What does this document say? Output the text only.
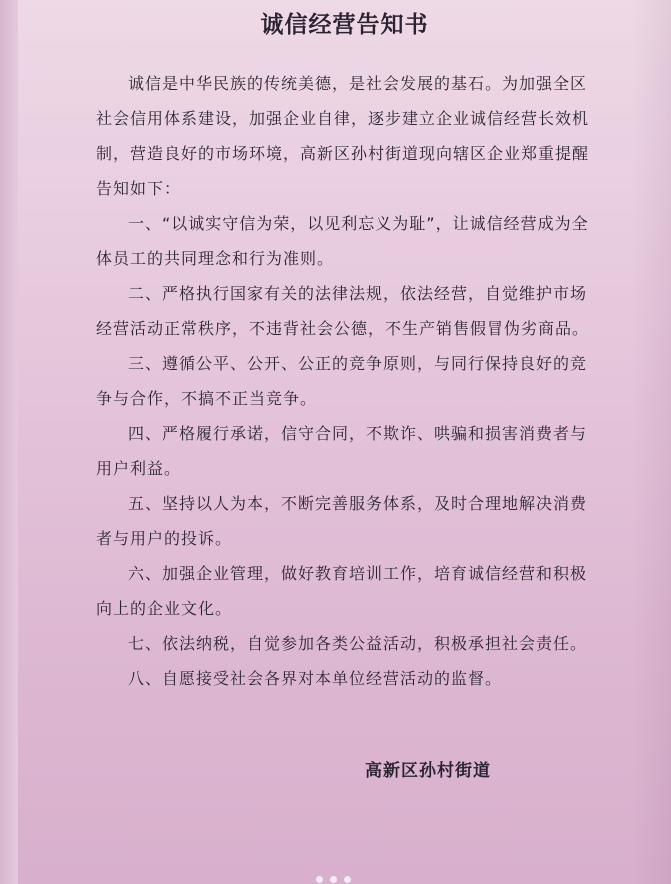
诚信经营告知书

诚信是中华民族的传统美德，是社会发展的基石。为加强全区社会信用体系建设，加强企业自律，逐步建立企业诚信经营长效机制，营造良好的市场环境，高新区孙村街道现向辖区企业郑重提醒告知如下：

一、“以诚实守信为荣，以见利忘义为耻”，让诚信经营成为全体员工的共同理念和行为准则。

二、严格执行国家有关的法律法规，依法经营，自觉维护市场经营活动正常秩序，不违背社会公德，不生产销售假冒伪劣商品。

三、遵循公平、公开、公正的竞争原则，与同行保持良好的竞争与合作，不搞不正当竞争。

四、严格履行承诺，信守合同，不欺诈、哄骗和损害消费者与用户利益。

五、坚持以人为本，不断完善服务体系，及时合理地解决消费者与用户的投诉。

六、加强企业管理，做好教育培训工作，培育诚信经营和积极向上的企业文化。

七、依法纳税，自觉参加各类公益活动，积极承担社会责任。

八、自愿接受社会各界对本单位经营活动的监督。

高新区孙村街道
